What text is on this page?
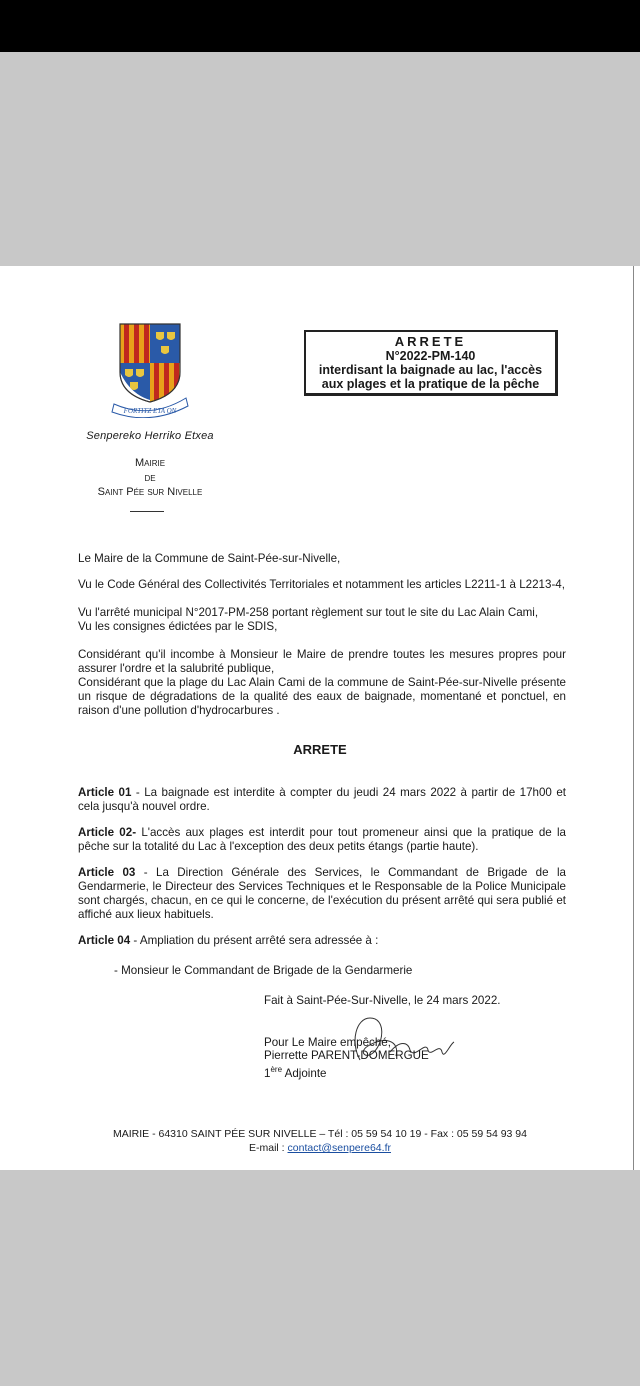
FORTITZ ETA ON
Senpereko Herriko Etxea
Mairie
de
Saint Pée sur Nivelle
ARRETE
N°2022-PM-140
interdisant la baignade au lac, l'accès
aux plages et la pratique de la pêche
Le Maire de la Commune de Saint-Pée-sur-Nivelle,
Vu le Code Général des Collectivités Territoriales et notamment les articles L2211-1 à L2213-4,
Vu l'arrêté municipal N°2017-PM-258 portant règlement sur tout le site du Lac Alain Cami,
Vu les consignes édictées par le SDIS,
Considérant qu'il incombe à Monsieur le Maire de prendre toutes les mesures propres pour assurer l'ordre et la salubrité publique,
Considérant que la plage du Lac Alain Cami de la commune de Saint-Pée-sur-Nivelle présente un risque de dégradations de la qualité des eaux de baignade, momentané et ponctuel, en raison d'une pollution d'hydrocarbures .
ARRETE
Article 01 - La baignade est interdite à compter du jeudi 24 mars 2022 à partir de 17h00 et cela jusqu'à nouvel ordre.
Article 02- L'accès aux plages est interdit pour tout promeneur ainsi que la pratique de la pêche sur la totalité du Lac à l'exception des deux petits étangs (partie haute).
Article 03 - La Direction Générale des Services, le Commandant de Brigade de la Gendarmerie, le Directeur des Services Techniques et le Responsable de la Police Municipale sont chargés, chacun, en ce qui le concerne, de l'exécution du présent arrêté qui sera publié et affiché aux lieux habituels.
Article 04 - Ampliation du présent arrêté sera adressée à :
- Monsieur le Commandant de Brigade de la Gendarmerie
Fait à Saint-Pée-Sur-Nivelle, le 24 mars 2022.
Pour Le Maire empêché,
Pierrette PARENT-DOMERGUE
1ère Adjointe
MAIRIE - 64310 SAINT PÉE SUR NIVELLE – Tél : 05 59 54 10 19 - Fax : 05 59 54 93 94
E-mail : contact@senpere64.fr
